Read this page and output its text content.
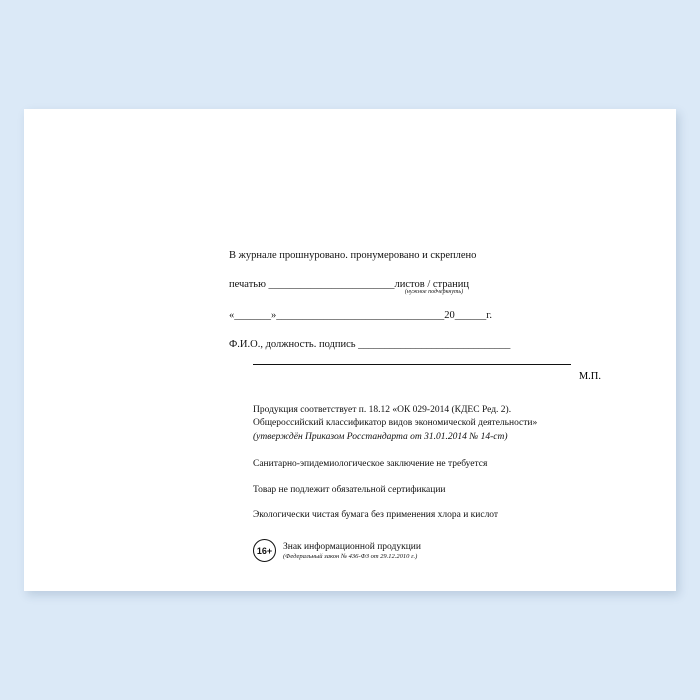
В журнале прошнуровано. пронумеровано и скреплено
печатью ________________________листов / страниц
(нужное подчеркнуть)
«_______»________________________________20______г.
Ф.И.О., должность. подпись _____________________________
М.П.
Продукция соответствует п. 18.12 «ОК 029-2014 (КДЕС Ред. 2).
Общероссийский классификатор видов экономической деятельности»
(утверждён Приказом Росстандарта от 31.01.2014 № 14-ст)
Санитарно-эпидемиологическое заключение не требуется
Товар не подлежит обязательной сертификации
Экологически чистая бумага без применения хлора и кислот
16+	Знак информационной продукции
(Федеральный закон № 436-ФЗ от 29.12.2010 г.)
